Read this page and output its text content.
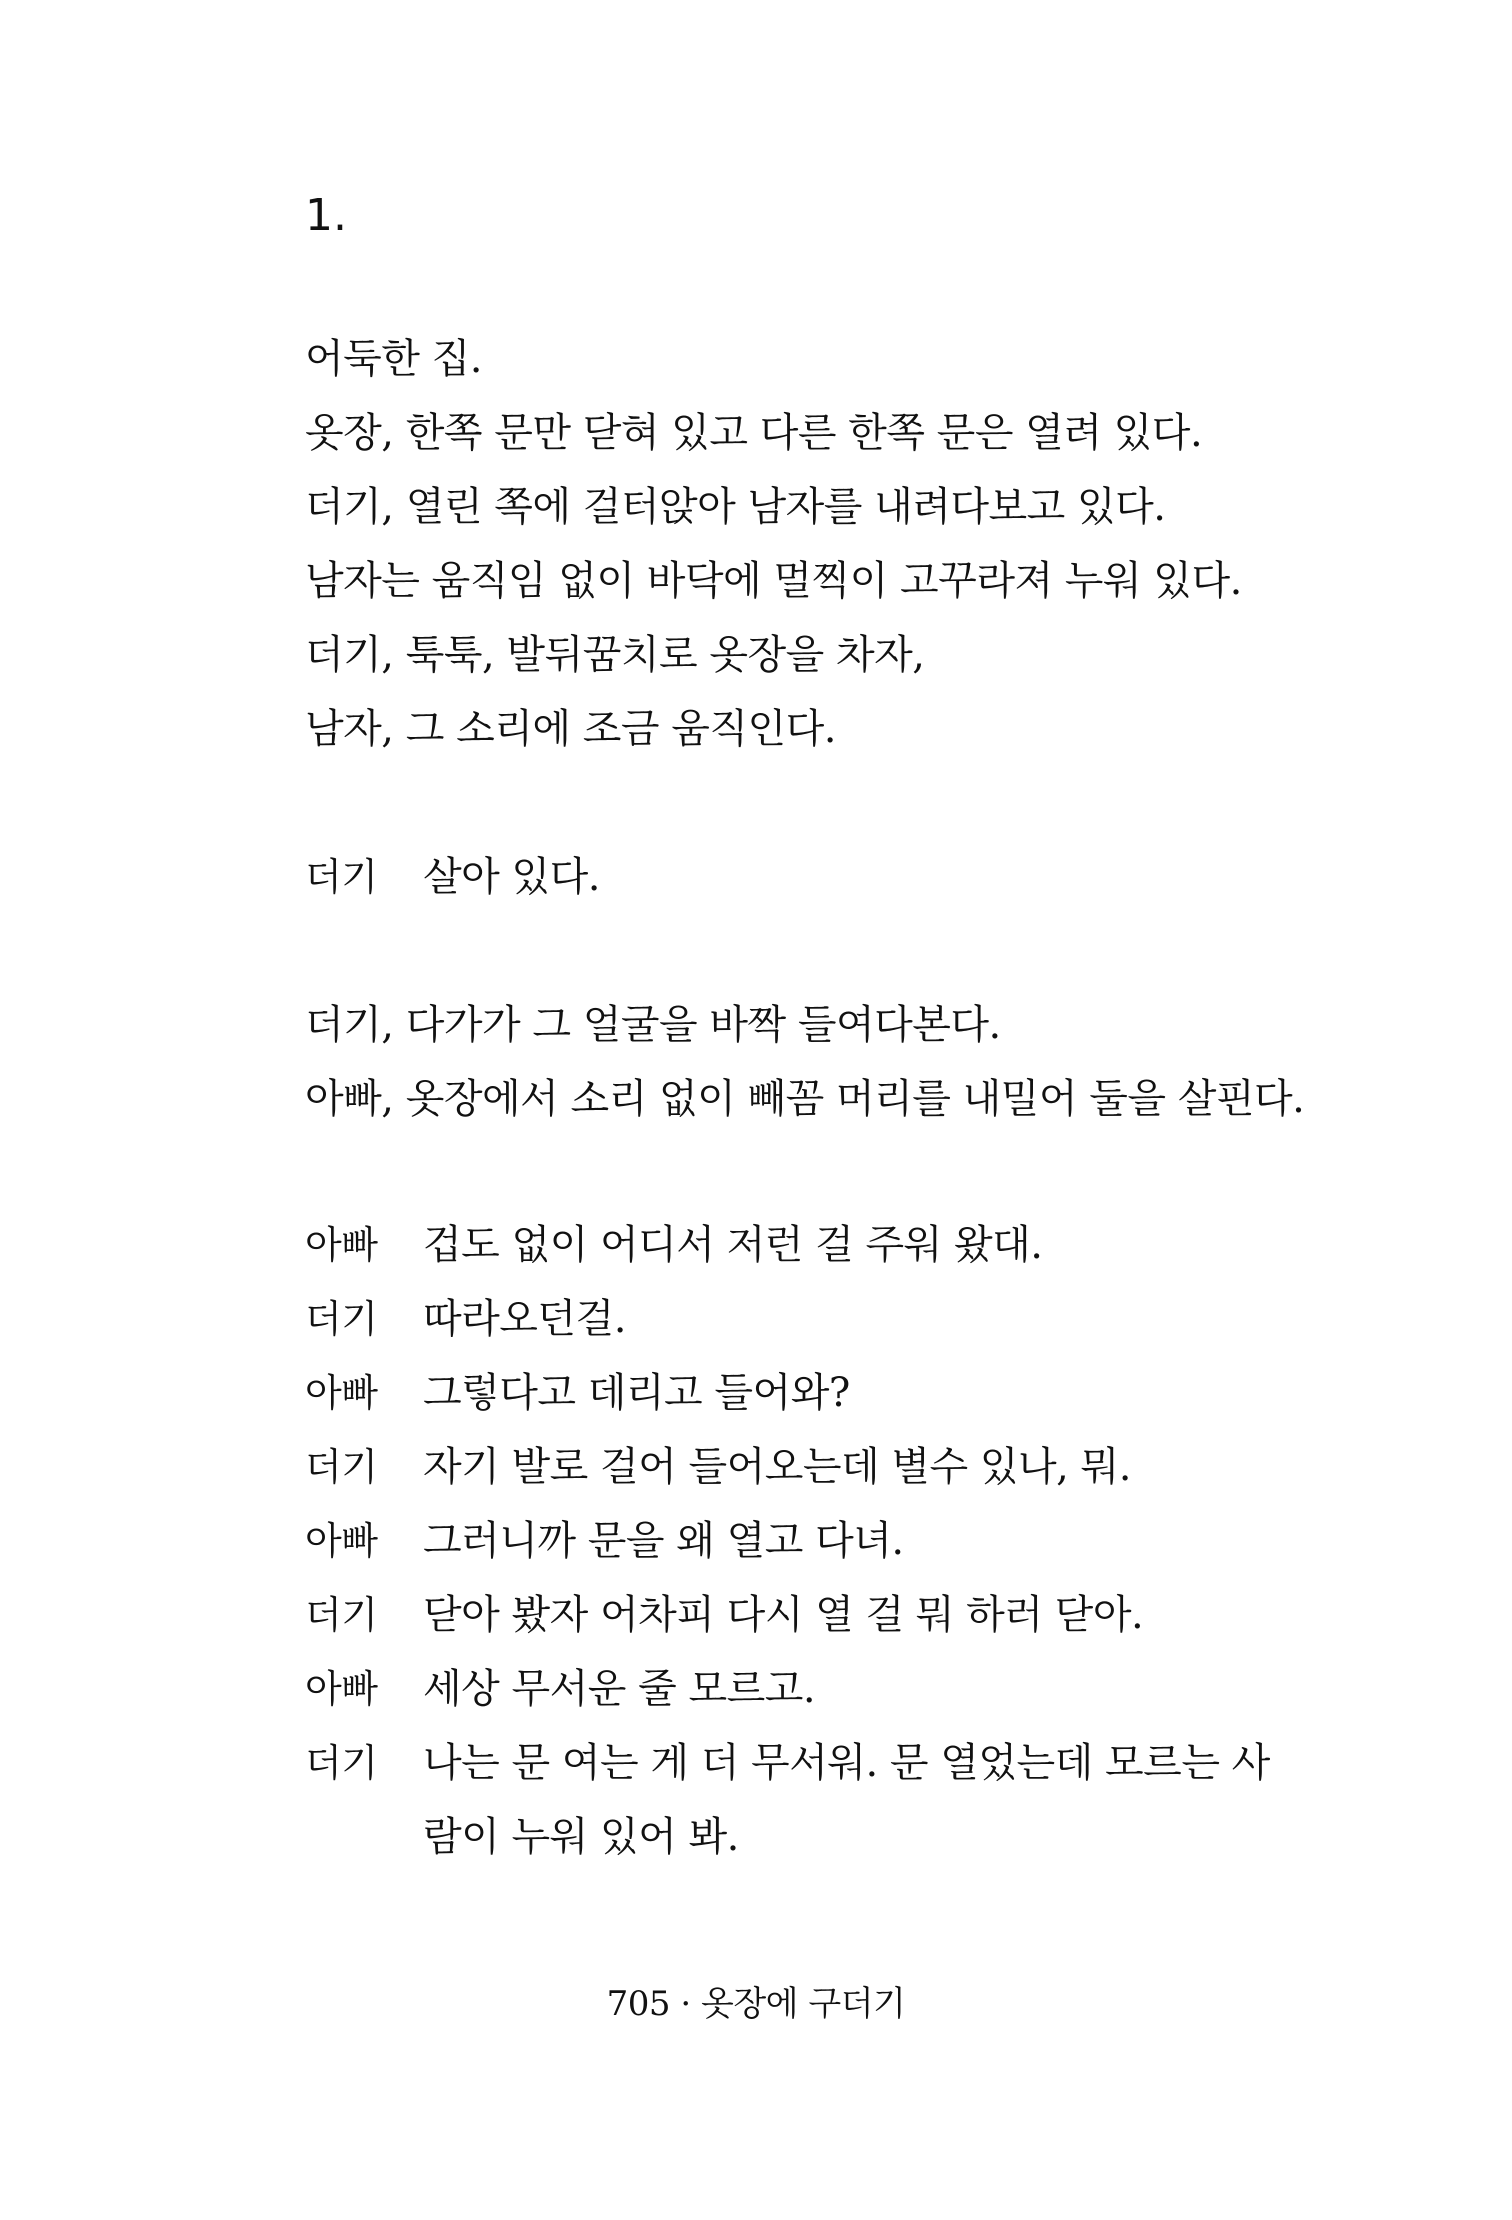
1.
어둑한 집.
옷장, 한쪽 문만 닫혀 있고 다른 한쪽 문은 열려 있다.
더기, 열린 쪽에 걸터앉아 남자를 내려다보고 있다.
남자는 움직임 없이 바닥에 멀찍이 고꾸라져 누워 있다.
더기, 툭툭, 발뒤꿈치로 옷장을 차자,
남자, 그 소리에 조금 움직인다.
더기	살아 있다.
더기, 다가가 그 얼굴을 바짝 들여다본다.
아빠, 옷장에서 소리 없이 빼꼼 머리를 내밀어 둘을 살핀다.
아빠	겁도 없이 어디서 저런 걸 주워 왔대.
더기	따라오던걸.
아빠	그렇다고 데리고 들어와?
더기	자기 발로 걸어 들어오는데 별수 있나, 뭐.
아빠	그러니까 문을 왜 열고 다녀.
더기	닫아 봤자 어차피 다시 열 걸 뭐 하러 닫아.
아빠	세상 무서운 줄 모르고.
더기	나는 문 여는 게 더 무서워. 문 열었는데 모르는 사람이 누워 있어 봐.
705 · 옷장에 구더기
